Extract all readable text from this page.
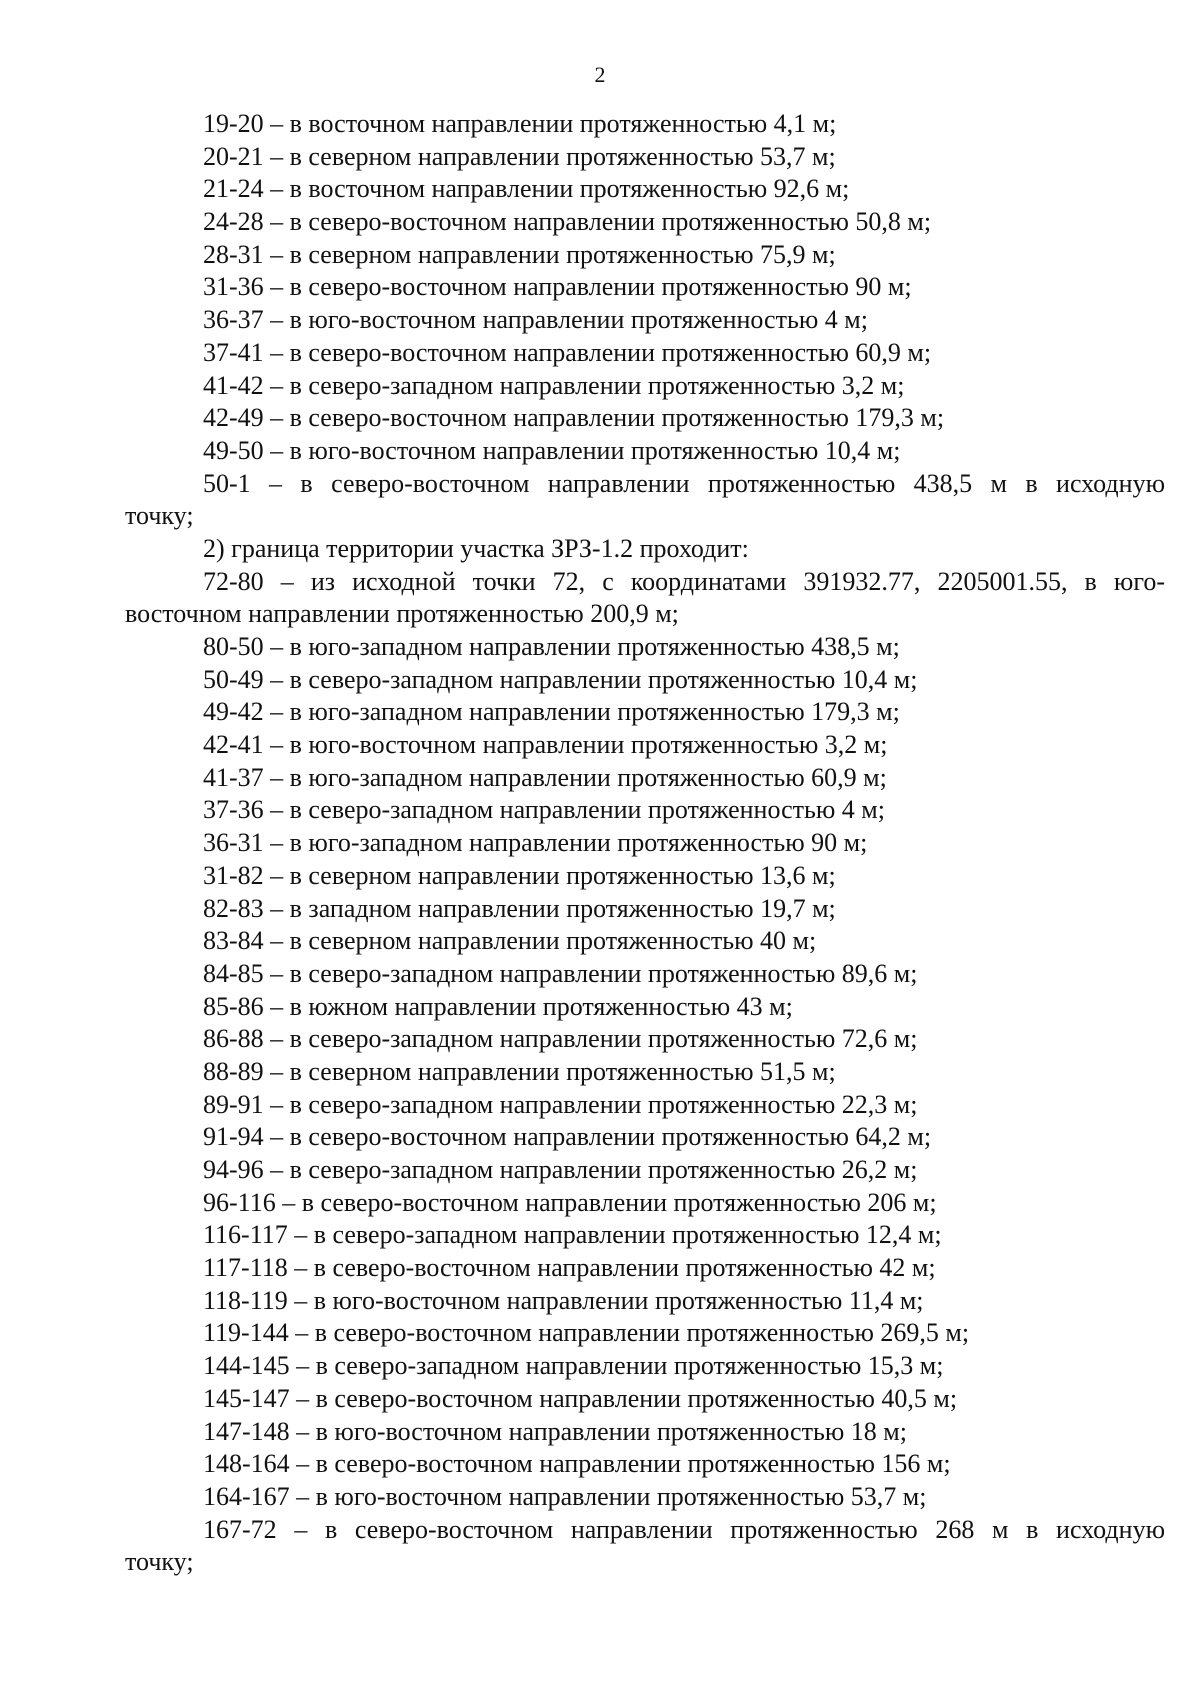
2
19-20 – в восточном направлении протяженностью 4,1 м;
20-21 – в северном направлении протяженностью 53,7 м;
21-24 – в восточном направлении протяженностью 92,6 м;
24-28 – в северо-восточном направлении протяженностью 50,8 м;
28-31 – в северном направлении протяженностью 75,9 м;
31-36 – в северо-восточном направлении протяженностью 90 м;
36-37 – в юго-восточном направлении протяженностью 4 м;
37-41 – в северо-восточном направлении протяженностью 60,9 м;
41-42 – в северо-западном направлении протяженностью 3,2 м;
42-49 – в северо-восточном направлении протяженностью 179,3 м;
49-50 – в юго-восточном направлении протяженностью 10,4 м;
50-1 – в северо-восточном направлении протяженностью 438,5 м в исходную
точку;
2) граница территории участка ЗРЗ-1.2 проходит:
72-80 – из исходной точки 72, с координатами 391932.77, 2205001.55, в юго-
восточном направлении протяженностью 200,9 м;
80-50 – в юго-западном направлении протяженностью 438,5 м;
50-49 – в северо-западном направлении протяженностью 10,4 м;
49-42 – в юго-западном направлении протяженностью 179,3 м;
42-41 – в юго-восточном направлении протяженностью 3,2 м;
41-37 – в юго-западном направлении протяженностью 60,9 м;
37-36 – в северо-западном направлении протяженностью 4 м;
36-31 – в юго-западном направлении протяженностью 90 м;
31-82 – в северном направлении протяженностью 13,6 м;
82-83 – в западном направлении протяженностью 19,7 м;
83-84 – в северном направлении протяженностью 40 м;
84-85 – в северо-западном направлении протяженностью 89,6 м;
85-86 – в южном направлении протяженностью 43 м;
86-88 – в северо-западном направлении протяженностью 72,6 м;
88-89 – в северном направлении протяженностью 51,5 м;
89-91 – в северо-западном направлении протяженностью 22,3 м;
91-94 – в северо-восточном направлении протяженностью 64,2 м;
94-96 – в северо-западном направлении протяженностью 26,2 м;
96-116 – в северо-восточном направлении протяженностью 206 м;
116-117 – в северо-западном направлении протяженностью 12,4 м;
117-118 – в северо-восточном направлении протяженностью 42 м;
118-119 – в юго-восточном направлении протяженностью 11,4 м;
119-144 – в северо-восточном направлении протяженностью 269,5 м;
144-145 – в северо-западном направлении протяженностью 15,3 м;
145-147 – в северо-восточном направлении протяженностью 40,5 м;
147-148 – в юго-восточном направлении протяженностью 18 м;
148-164 – в северо-восточном направлении протяженностью 156 м;
164-167 – в юго-восточном направлении протяженностью 53,7 м;
167-72 – в северо-восточном направлении протяженностью 268 м в исходную
точку;
